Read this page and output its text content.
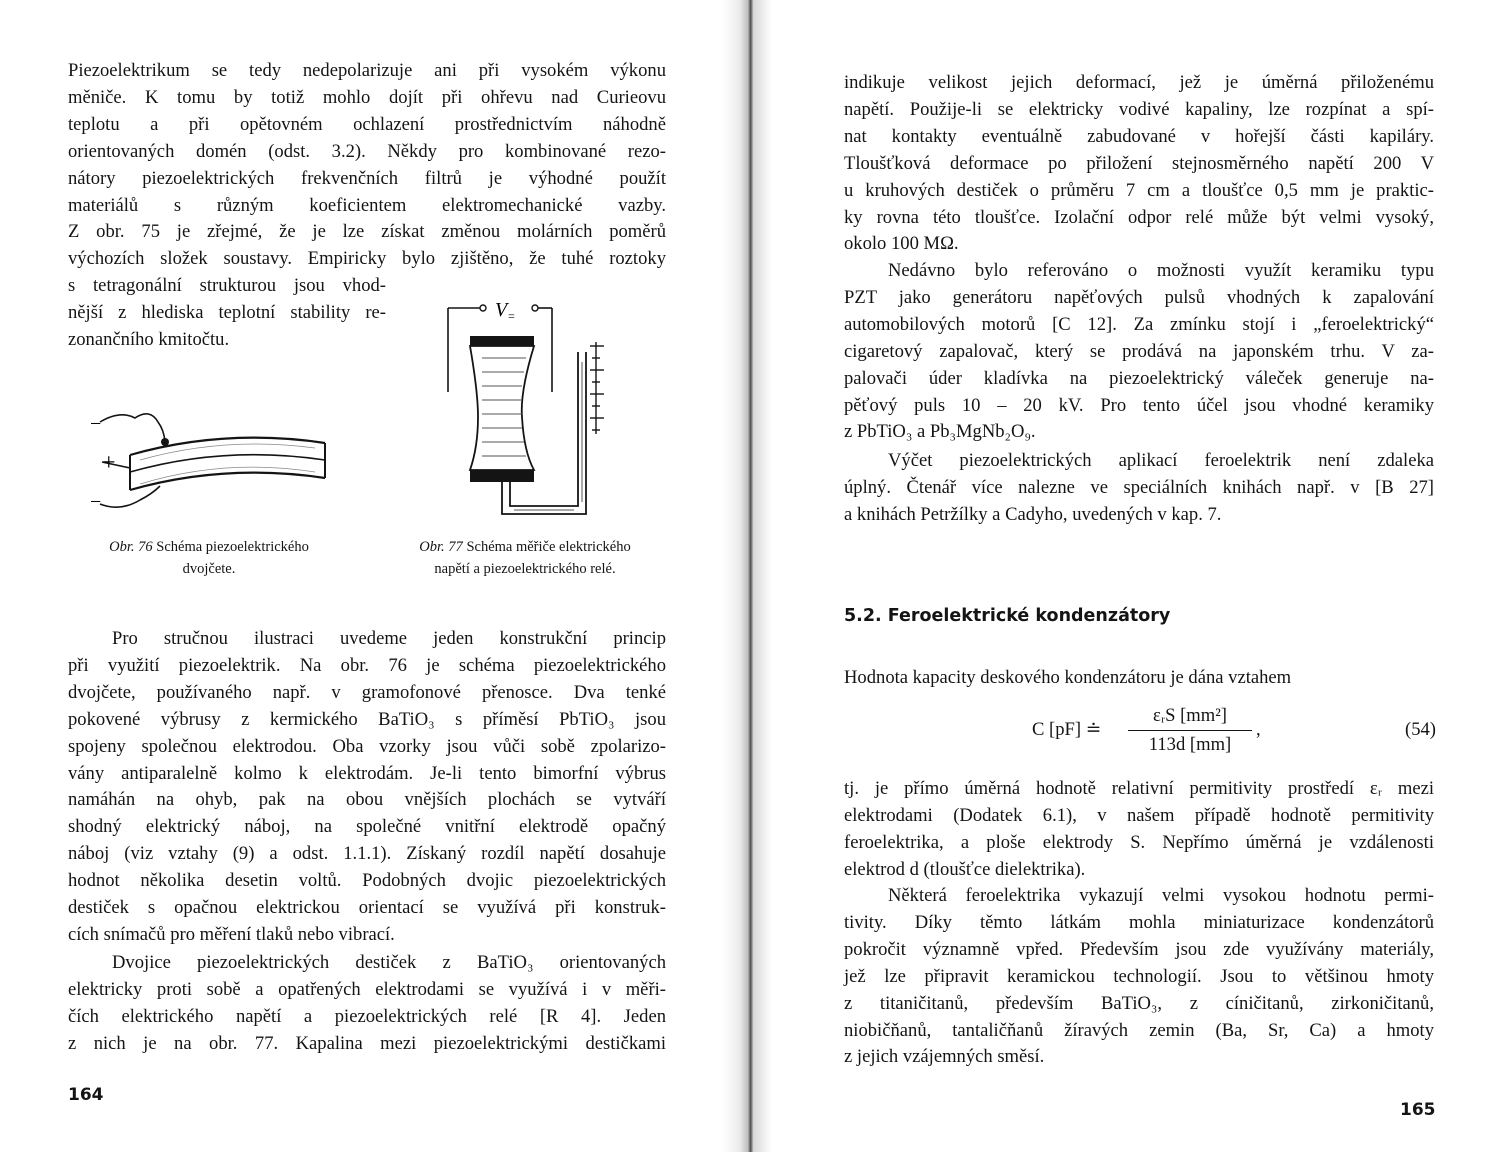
Piezoelektrikum se tedy nedepolarizuje ani při vysokém výkonu
měniče. K tomu by totiž mohlo dojít při ohřevu nad Curieovu
teplotu a při opětovném ochlazení prostřednictvím náhodně
orientovaných domén (odst. 3.2). Někdy pro kombinované rezo-
nátory piezoelektrických frekvenčních filtrů je výhodné použít
materiálů s různým koeficientem elektromechanické vazby.
Z obr. 75 je zřejmé, že je lze získat změnou molárních poměrů
výchozích složek soustavy. Empiricky bylo zjištěno, že tuhé roztoky
s tetragonální strukturou jsou vhod-
nější z hlediska teplotní stability re-
zonančního kmitočtu.
−
+
−
V =
Obr. 76 Schéma piezoelektrického
dvojčete.
Obr. 77 Schéma měřiče elektrického
napětí a piezoelektrického relé.
Pro stručnou ilustraci uvedeme jeden konstrukční princip
při využití piezoelektrik. Na obr. 76 je schéma piezoelektrického
dvojčete, používaného např. v gramofonové přenosce. Dva tenké
pokovené výbrusy z kermického BaTiO₃ s příměsí PbTiO₃ jsou
spojeny společnou elektrodou. Oba vzorky jsou vůči sobě zpolarizo-
vány antiparalelně kolmo k elektrodám. Je-li tento bimorfní výbrus
namáhán na ohyb, pak na obou vnějších plochách se vytváří
shodný elektrický náboj, na společné vnitřní elektrodě opačný
náboj (viz vztahy (9) a odst. 1.1.1). Získaný rozdíl napětí dosahuje
hodnot několika desetin voltů. Podobných dvojic piezoelektrických
destiček s opačnou elektrickou orientací se využívá při konstruk-
cích snímačů pro měření tlaků nebo vibrací.
Dvojice piezoelektrických destiček z BaTiO₃ orientovaných
elektricky proti sobě a opatřených elektrodami se využívá i v měři-
čích elektrického napětí a piezoelektrických relé [R 4]. Jeden
z nich je na obr. 77. Kapalina mezi piezoelektrickými destičkami
164
indikuje velikost jejich deformací, jež je úměrná přiloženému
napětí. Použije-li se elektricky vodivé kapaliny, lze rozpínat a spí-
nat kontakty eventuálně zabudované v hořejší části kapiláry.
Tloušťková deformace po přiložení stejnosměrného napětí 200 V
u kruhových destiček o průměru 7 cm a tloušťce 0,5 mm je praktic-
ky rovna této tloušťce. Izolační odpor relé může být velmi vysoký,
okolo 100 MΩ.
Nedávno bylo referováno o možnosti využít keramiku typu
PZT jako generátoru napěťových pulsů vhodných k zapalování
automobilových motorů [C 12]. Za zmínku stojí i „feroelektrický“
cigaretový zapalovač, který se prodává na japonském trhu. V za-
palovači úder kladívka na piezoelektrický váleček generuje na-
pěťový puls 10 – 20 kV. Pro tento účel jsou vhodné keramiky
z PbTiO₃ a Pb₃MgNb₂O₉.
Výčet piezoelektrických aplikací feroelektrik není zdaleka
úplný. Čtenář více nalezne ve speciálních knihách např. v [B 27]
a knihách Petržílky a Cadyho, uvedených v kap. 7.
5.2. Feroelektrické kondenzátory
Hodnota kapacity deskového kondenzátoru je dána vztahem
C [pF] ≐
εᵣS [mm²]
113d [mm]
,	(54)
tj. je přímo úměrná hodnotě relativní permitivity prostředí εᵣ mezi
elektrodami (Dodatek 6.1), v našem případě hodnotě permitivity
feroelektrika, a ploše elektrody S. Nepřímo úměrná je vzdálenosti
elektrod d (tloušťce dielektrika).
Některá feroelektrika vykazují velmi vysokou hodnotu permi-
tivity. Díky těmto látkám mohla miniaturizace kondenzátorů
pokročit významně vpřed. Především jsou zde využívány materiály,
jež lze připravit keramickou technologií. Jsou to většinou hmoty
z titaničitanů, především BaTiO₃, z cíničitanů, zirkoničitanů,
niobičňanů, tantaličňanů žíravých zemin (Ba, Sr, Ca) a hmoty
z jejich vzájemných směsí.
165
